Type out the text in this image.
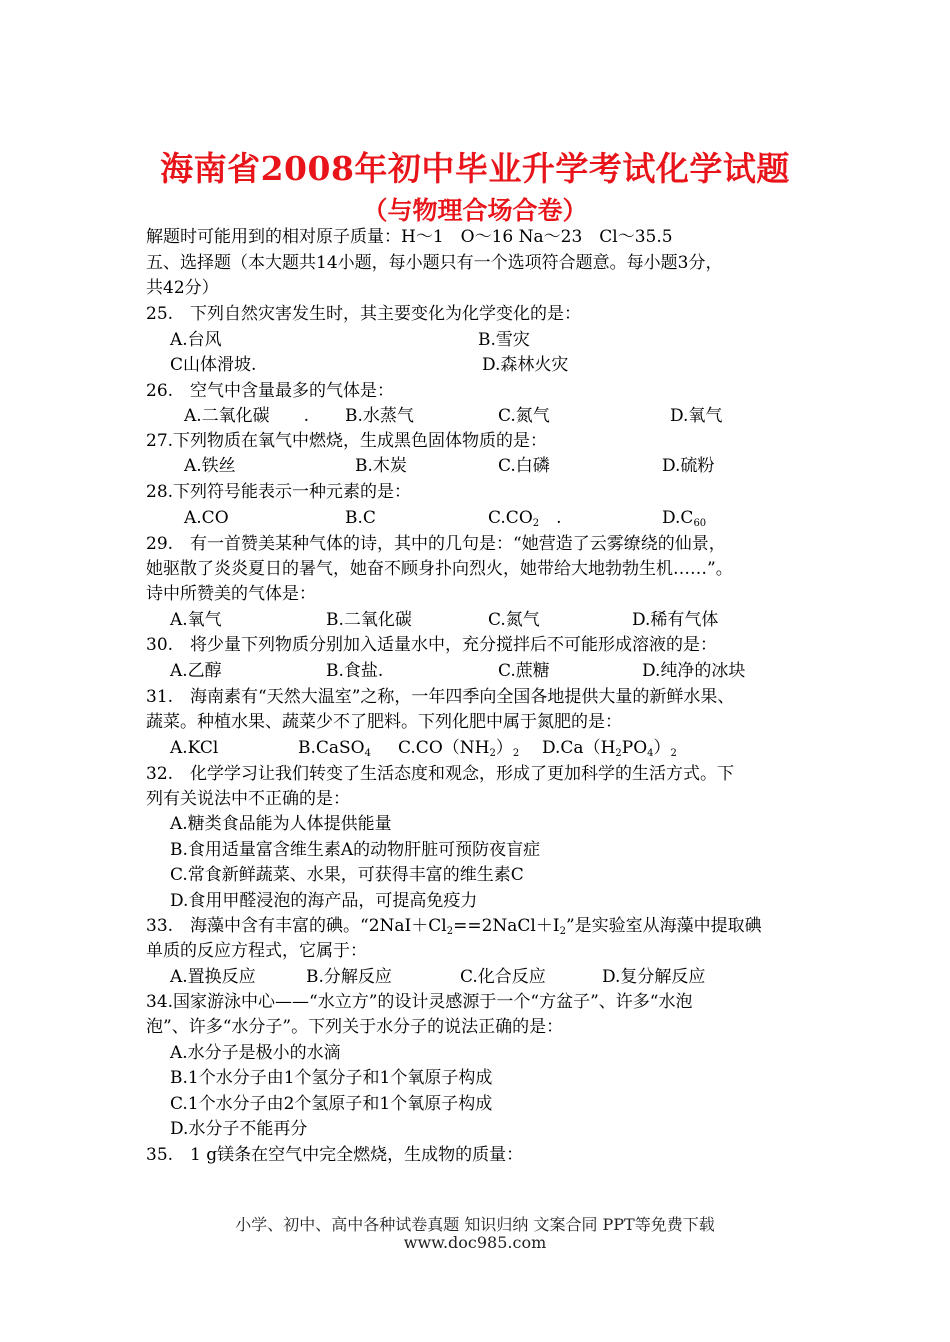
海南省2008年初中毕业升学考试化学试题
（与物理合场合卷）
解题时可能用到的相对原子质量：H～1　O～16 Na～23　Cl～35.5
五、选择题（本大题共14小题，每小题只有一个选项符合题意。每小题3分，
共42分）
25.　下列自然灾害发生时，其主要变化为化学变化的是：
A.台风	B.雪灾
C山体滑坡.	D.森林火灾
26.　空气中含量最多的气体是：
A.二氧化碳　　. B.水蒸气	C.氮气	D.氧气
27.下列物质在氧气中燃烧，生成黑色固体物质的是：
A.铁丝	B.木炭	C.白磷	D.硫粉
28.下列符号能表示一种元素的是：
A.CO	B.C	$C.CO_2$　.	$D.C_{60}$
29.　有一首赞美某种气体的诗，其中的几句是：“她营造了云雾缭绕的仙景，
她驱散了炎炎夏日的暑气，她奋不顾身扑向烈火，她带给大地勃勃生机……”。
诗中所赞美的气体是：
A.氧气	B.二氧化碳	C.氮气	D.稀有气体
30.　将少量下列物质分别加入适量水中，充分搅拌后不可能形成溶液的是：
A.乙醇	B.食盐.	C.蔗糖	D.纯净的冰块
31.　海南素有“天然大温室”之称，一年四季向全国各地提供大量的新鲜水果、
蔬菜。种植水果、蔬菜少不了肥料。下列化肥中属于氮肥的是：
A.KCl	B.CaSO$_4$ $C.CO(NH_2)_2$ $D.Ca(H_2PO_4)_2$
32.　化学学习让我们转变了生活态度和观念，形成了更加科学的生活方式。下
列有关说法中不正确的是：
A.糖类食品能为人体提供能量
B.食用适量富含维生素A的动物肝脏可预防夜盲症
C.常食新鲜蔬菜、水果，可获得丰富的维生素C
D.食用甲醛浸泡的海产品，可提高免疫力
33.　海藻中含有丰富的碘。“$2NaI+Cl_2==2NaCl+I_2$”是实验室从海藻中提取碘
单质的反应方程式，它属于：
A.置换反应	B.分解反应	C.化合反应	D.复分解反应
34.国家游泳中心——“水立方”的设计灵感源于一个“方盆子”、许多“水泡
泡”、许多“水分子”。下列关于水分子的说法正确的是：
A.水分子是极小的水滴
B.1个水分子由1个氢分子和1个氧原子构成
C.1个水分子由2个氢原子和1个氧原子构成
D.水分子不能再分
35.　1 g镁条在空气中完全燃烧，生成物的质量：
小学、初中、高中各种试卷真题 知识归纳 文案合同 PPT等免费下载
www.doc985.com
